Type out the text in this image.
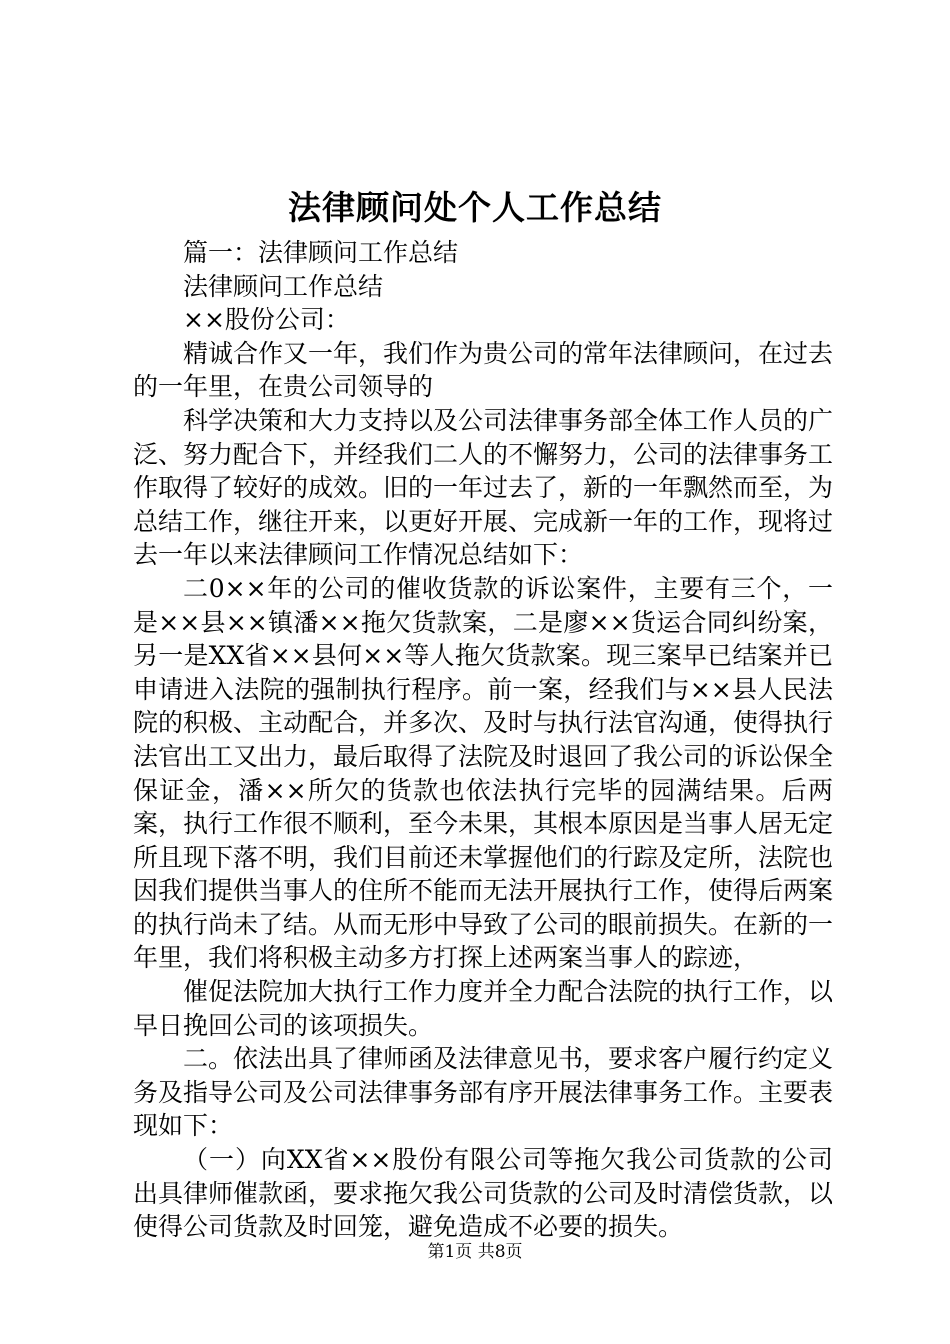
法律顾问处个人工作总结

篇一：法律顾问工作总结

法律顾问工作总结

××股份公司：

精诚合作又一年，我们作为贵公司的常年法律顾问，在过去的一年里，在贵公司领导的

科学决策和大力支持以及公司法律事务部全体工作人员的广泛、努力配合下，并经我们二人的不懈努力，公司的法律事务工作取得了较好的成效。旧的一年过去了，新的一年飘然而至，为总结工作，继往开来，以更好开展、完成新一年的工作，现将过去一年以来法律顾问工作情况总结如下：

二0××年的公司的催收货款的诉讼案件，主要有三个，一是××县××镇潘××拖欠货款案，二是廖××货运合同纠纷案，另一是XX省××县何××等人拖欠货款案。现三案早已结案并已申请进入法院的强制执行程序。前一案，经我们与××县人民法院的积极、主动配合，并多次、及时与执行法官沟通，使得执行法官出工又出力，最后取得了法院及时退回了我公司的诉讼保全保证金，潘××所欠的货款也依法执行完毕的园满结果。后两案，执行工作很不顺利，至今未果，其根本原因是当事人居无定所且现下落不明，我们目前还未掌握他们的行踪及定所，法院也因我们提供当事人的住所不能而无法开展执行工作，使得后两案的执行尚未了结。从而无形中导致了公司的眼前损失。在新的一年里，我们将积极主动多方打探上述两案当事人的踪迹，

催促法院加大执行工作力度并全力配合法院的执行工作，以早日挽回公司的该项损失。

二。依法出具了律师函及法律意见书，要求客户履行约定义务及指导公司及公司法律事务部有序开展法律事务工作。主要表现如下：

（一）向XX省××股份有限公司等拖欠我公司货款的公司出具律师催款函，要求拖欠我公司货款的公司及时清偿货款，以使得公司货款及时回笼，避免造成不必要的损失。

第1页 共8页
